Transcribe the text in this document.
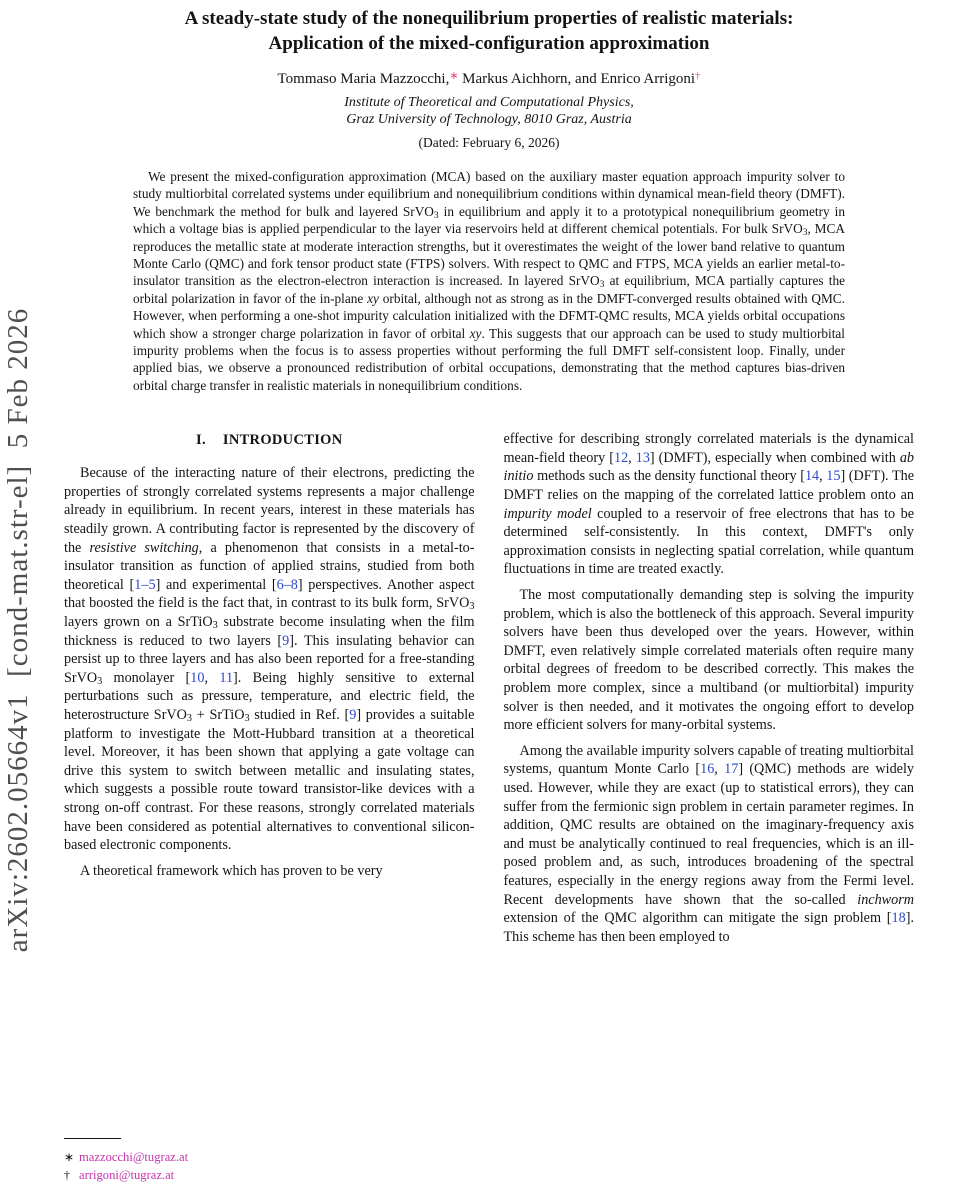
arXiv:2602.05664v1  [cond-mat.str-el]  5 Feb 2026
A steady-state study of the nonequilibrium properties of realistic materials:
Application of the mixed-configuration approximation
Tommaso Maria Mazzocchi,∗ Markus Aichhorn, and Enrico Arrigoni†
Institute of Theoretical and Computational Physics,
Graz University of Technology, 8010 Graz, Austria
(Dated: February 6, 2026)
We present the mixed-configuration approximation (MCA) based on the auxiliary master equation approach impurity solver to study multiorbital correlated systems under equilibrium and nonequilibrium conditions within dynamical mean-field theory (DMFT). We benchmark the method for bulk and layered SrVO3 in equilibrium and apply it to a prototypical nonequilibrium geometry in which a voltage bias is applied perpendicular to the layer via reservoirs held at different chemical potentials. For bulk SrVO3, MCA reproduces the metallic state at moderate interaction strengths, but it overestimates the weight of the lower band relative to quantum Monte Carlo (QMC) and fork tensor product state (FTPS) solvers. With respect to QMC and FTPS, MCA yields an earlier metal-to-insulator transition as the electron-electron interaction is increased. In layered SrVO3 at equilibrium, MCA partially captures the orbital polarization in favor of the in-plane xy orbital, although not as strong as in the DMFT-converged results obtained with QMC. However, when performing a one-shot impurity calculation initialized with the DFMT-QMC results, MCA yields orbital occupations which show a stronger charge polarization in favor of orbital xy. This suggests that our approach can be used to study multiorbital impurity problems when the focus is to assess properties without performing the full DMFT self-consistent loop. Finally, under applied bias, we observe a pronounced redistribution of orbital occupations, demonstrating that the method captures bias-driven orbital charge transfer in realistic materials in nonequilibrium conditions.
I. INTRODUCTION

Because of the interacting nature of their electrons, predicting the properties of strongly correlated systems represents a major challenge already in equilibrium. In recent years, interest in these materials has steadily grown. A contributing factor is represented by the discovery of the resistive switching, a phenomenon that consists in a metal-to-insulator transition as function of applied strains, studied from both theoretical [1–5] and experimental [6–8] perspectives. Another aspect that boosted the field is the fact that, in contrast to its bulk form, SrVO3 layers grown on a SrTiO3 substrate become insulating when the film thickness is reduced to two layers [9]. This insulating behavior can persist up to three layers and has also been reported for a free-standing SrVO3 monolayer [10, 11]. Being highly sensitive to external perturbations such as pressure, temperature, and electric field, the heterostructure SrVO3 + SrTiO3 studied in Ref. [9] provides a suitable platform to investigate the Mott-Hubbard transition at a theoretical level. Moreover, it has been shown that applying a gate voltage can drive this system to switch between metallic and insulating states, which suggests a possible route toward transistor-like devices with a strong on-off contrast. For these reasons, strongly correlated materials have been considered as potential alternatives to conventional silicon-based electronic components.

A theoretical framework which has proven to be very

effective for describing strongly correlated materials is the dynamical mean-field theory [12, 13] (DMFT), especially when combined with ab initio methods such as the density functional theory [14, 15] (DFT). The DMFT relies on the mapping of the correlated lattice problem onto an impurity model coupled to a reservoir of free electrons that has to be determined self-consistently. In this context, DMFT's only approximation consists in neglecting spatial correlation, while quantum fluctuations in time are treated exactly.

The most computationally demanding step is solving the impurity problem, which is also the bottleneck of this approach. Several impurity solvers have been thus developed over the years. However, within DMFT, even relatively simple correlated materials often require many orbital degrees of freedom to be described correctly. This makes the problem more complex, since a multiband (or multiorbital) impurity solver is then needed, and it motivates the ongoing effort to develop more efficient solvers for many-orbital systems.

Among the available impurity solvers capable of treating multiorbital systems, quantum Monte Carlo [16, 17] (QMC) methods are widely used. However, while they are exact (up to statistical errors), they can suffer from the fermionic sign problem in certain parameter regimes. In addition, QMC results are obtained on the imaginary-frequency axis and must be analytically continued to real frequencies, which is an ill-posed problem and, as such, introduces broadening of the spectral features, especially in the energy regions away from the Fermi level. Recent developments have shown that the so-called inchworm extension of the QMC algorithm can mitigate the sign problem [18]. This scheme has then been employed to

∗ mazzocchi@tugraz.at
† arrigoni@tugraz.at
